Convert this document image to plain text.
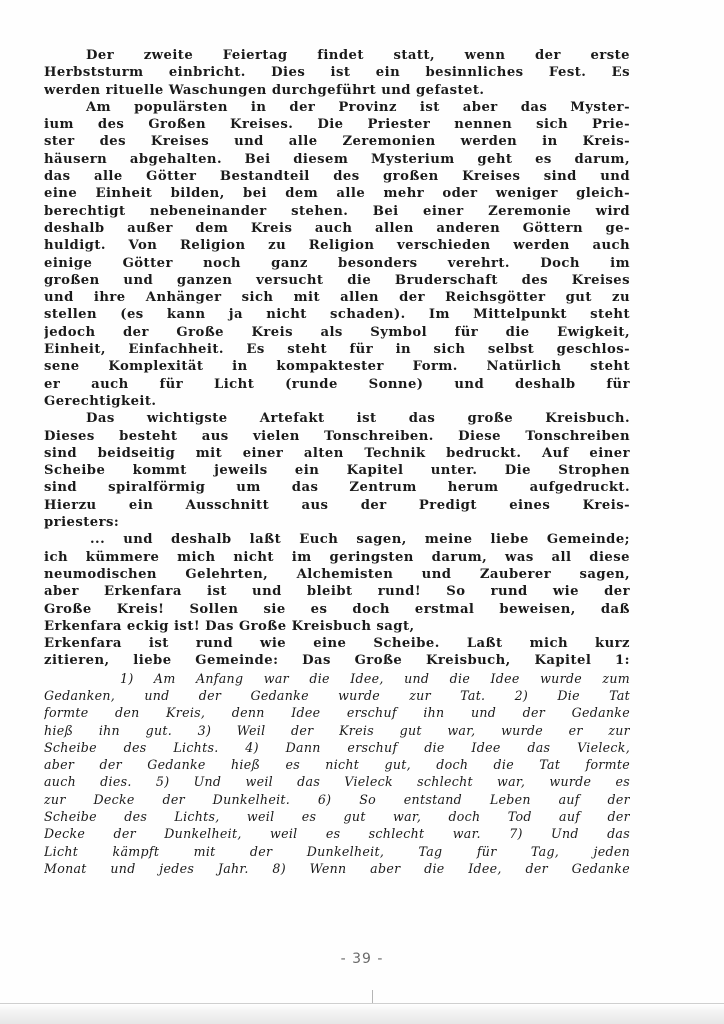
Der zweite Feiertag findet statt, wenn der erste
Herbststurm einbricht. Dies ist ein besinnliches Fest. Es
werden rituelle Waschungen durchgeführt und gefastet.
Am populärsten in der Provinz ist aber das Myster-
ium des Großen Kreises. Die Priester nennen sich Prie-
ster des Kreises und alle Zeremonien werden in Kreis-
häusern abgehalten. Bei diesem Mysterium geht es darum,
das alle Götter Bestandteil des großen Kreises sind und
eine Einheit bilden, bei dem alle mehr oder weniger gleich-
berechtigt nebeneinander stehen. Bei einer Zeremonie wird
deshalb außer dem Kreis auch allen anderen Göttern ge-
huldigt. Von Religion zu Religion verschieden werden auch
einige Götter noch ganz besonders verehrt. Doch im
großen und ganzen versucht die Bruderschaft des Kreises
und ihre Anhänger sich mit allen der Reichsgötter gut zu
stellen (es kann ja nicht schaden). Im Mittelpunkt steht
jedoch der Große Kreis als Symbol für die Ewigkeit,
Einheit, Einfachheit. Es steht für in sich selbst geschlos-
sene Komplexität in kompaktester Form. Natürlich steht
er auch für Licht (runde Sonne) und deshalb für
Gerechtigkeit.
Das wichtigste Artefakt ist das große Kreisbuch.
Dieses besteht aus vielen Tonschreiben. Diese Tonschreiben
sind beidseitig mit einer alten Technik bedruckt. Auf einer
Scheibe kommt jeweils ein Kapitel unter. Die Strophen
sind spiralförmig um das Zentrum herum aufgedruckt.
Hierzu ein Ausschnitt aus der Predigt eines Kreis-
priesters:
... und deshalb laßt Euch sagen, meine liebe Gemeinde;
ich kümmere mich nicht im geringsten darum, was all diese
neumodischen Gelehrten, Alchemisten und Zauberer sagen,
aber Erkenfara ist und bleibt rund! So rund wie der
Große Kreis! Sollen sie es doch erstmal beweisen, daß
Erkenfara eckig ist! Das Große Kreisbuch sagt,
Erkenfara ist rund wie eine Scheibe. Laßt mich kurz
zitieren, liebe Gemeinde: Das Große Kreisbuch, Kapitel 1:
1) Am Anfang war die Idee, und die Idee wurde zum
Gedanken, und der Gedanke wurde zur Tat. 2) Die Tat
formte den Kreis, denn Idee erschuf ihn und der Gedanke
hieß ihn gut. 3) Weil der Kreis gut war, wurde er zur
Scheibe des Lichts. 4) Dann erschuf die Idee das Vieleck,
aber der Gedanke hieß es nicht gut, doch die Tat formte
auch dies. 5) Und weil das Vieleck schlecht war, wurde es
zur Decke der Dunkelheit. 6) So entstand Leben auf der
Scheibe des Lichts, weil es gut war, doch Tod auf der
Decke der Dunkelheit, weil es schlecht war. 7) Und das
Licht kämpft mit der Dunkelheit, Tag für Tag, jeden
Monat und jedes Jahr. 8) Wenn aber die Idee, der Gedanke
- 39 -
